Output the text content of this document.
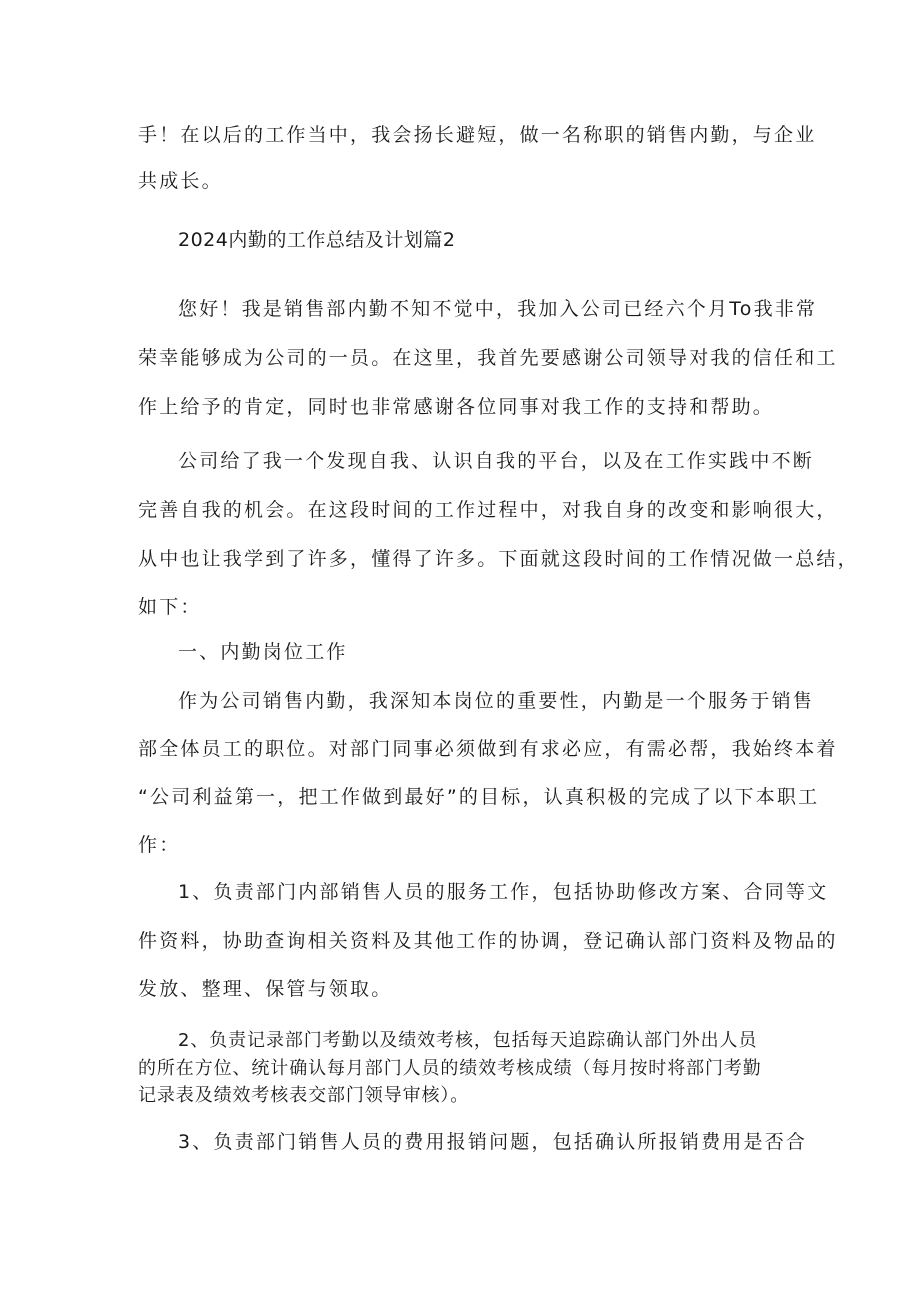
手！在以后的工作当中，我会扬长避短，做一名称职的销售内勤，与企业
共成长。
2024内勤的工作总结及计划篇2
您好！我是销售部内勤不知不觉中，我加入公司已经六个月To我非常
荣幸能够成为公司的一员。在这里，我首先要感谢公司领导对我的信任和工
作上给予的肯定，同时也非常感谢各位同事对我工作的支持和帮助。
公司给了我一个发现自我、认识自我的平台，以及在工作实践中不断
完善自我的机会。在这段时间的工作过程中，对我自身的改变和影响很大，
从中也让我学到了许多，懂得了许多。下面就这段时间的工作情况做一总结，
如下：
一、内勤岗位工作
作为公司销售内勤，我深知本岗位的重要性，内勤是一个服务于销售
部全体员工的职位。对部门同事必须做到有求必应，有需必帮，我始终本着
“公司利益第一，把工作做到最好”的目标，认真积极的完成了以下本职工
作：
1、负责部门内部销售人员的服务工作，包括协助修改方案、合同等文
件资料，协助查询相关资料及其他工作的协调，登记确认部门资料及物品的
发放、整理、保管与领取。
2、负责记录部门考勤以及绩效考核，包括每天追踪确认部门外出人员
的所在方位、统计确认每月部门人员的绩效考核成绩（每月按时将部门考勤
记录表及绩效考核表交部门领导审核）。
3、负责部门销售人员的费用报销问题，包括确认所报销费用是否合
